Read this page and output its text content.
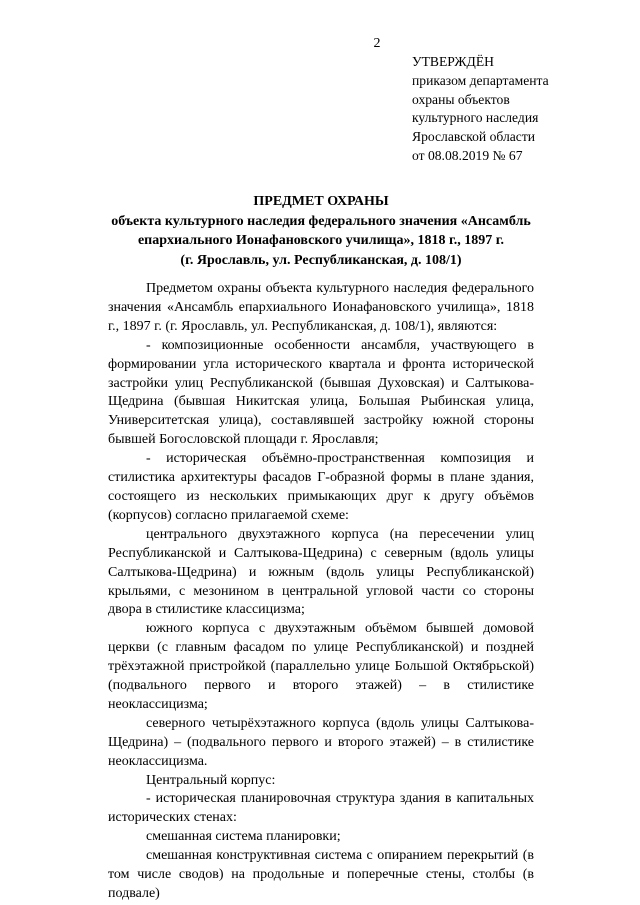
2
УТВЕРЖДЁН
приказом департамента
охраны объектов
культурного наследия
Ярославской области
от 08.08.2019 № 67
ПРЕДМЕТ ОХРАНЫ
объекта культурного наследия федерального значения «Ансамбль
епархиального Ионафановского училища», 1818 г., 1897 г.
(г. Ярославль, ул. Республиканская, д. 108/1)

Предметом охраны объекта культурного наследия федерального значения «Ансамбль епархиального Ионафановского училища», 1818 г., 1897 г. (г. Ярославль, ул. Республиканская, д. 108/1), являются:

- композиционные особенности ансамбля, участвующего в формировании угла исторического квартала и фронта исторической застройки улиц Республиканской (бывшая Духовская) и Салтыкова-Щедрина (бывшая Никитская улица, Большая Рыбинская улица, Университетская улица), составлявшей застройку южной стороны бывшей Богословской площади г. Ярославля;

- историческая объёмно-пространственная композиция и стилистика архитектуры фасадов Г-образной формы в плане здания, состоящего из нескольких примыкающих друг к другу объёмов (корпусов) согласно прилагаемой схеме:

центрального двухэтажного корпуса (на пересечении улиц Республиканской и Салтыкова-Щедрина) с северным (вдоль улицы Салтыкова-Щедрина) и южным (вдоль улицы Республиканской) крыльями, с мезонином в центральной угловой части со стороны двора в стилистике классицизма;

южного корпуса с двухэтажным объёмом бывшей домовой церкви (с главным фасадом по улице Республиканской) и поздней трёхэтажной пристройкой (параллельно улице Большой Октябрьской) (подвального первого и второго этажей) – в стилистике неоклассицизма;

северного четырёхэтажного корпуса (вдоль улицы Салтыкова-Щедрина) – (подвального первого и второго этажей) – в стилистике неоклассицизма.

Центральный корпус:

- историческая планировочная структура здания в капитальных исторических стенах:

смешанная система планировки;

смешанная конструктивная система с опиранием перекрытий (в том числе сводов) на продольные и поперечные стены, столбы (в подвале)
